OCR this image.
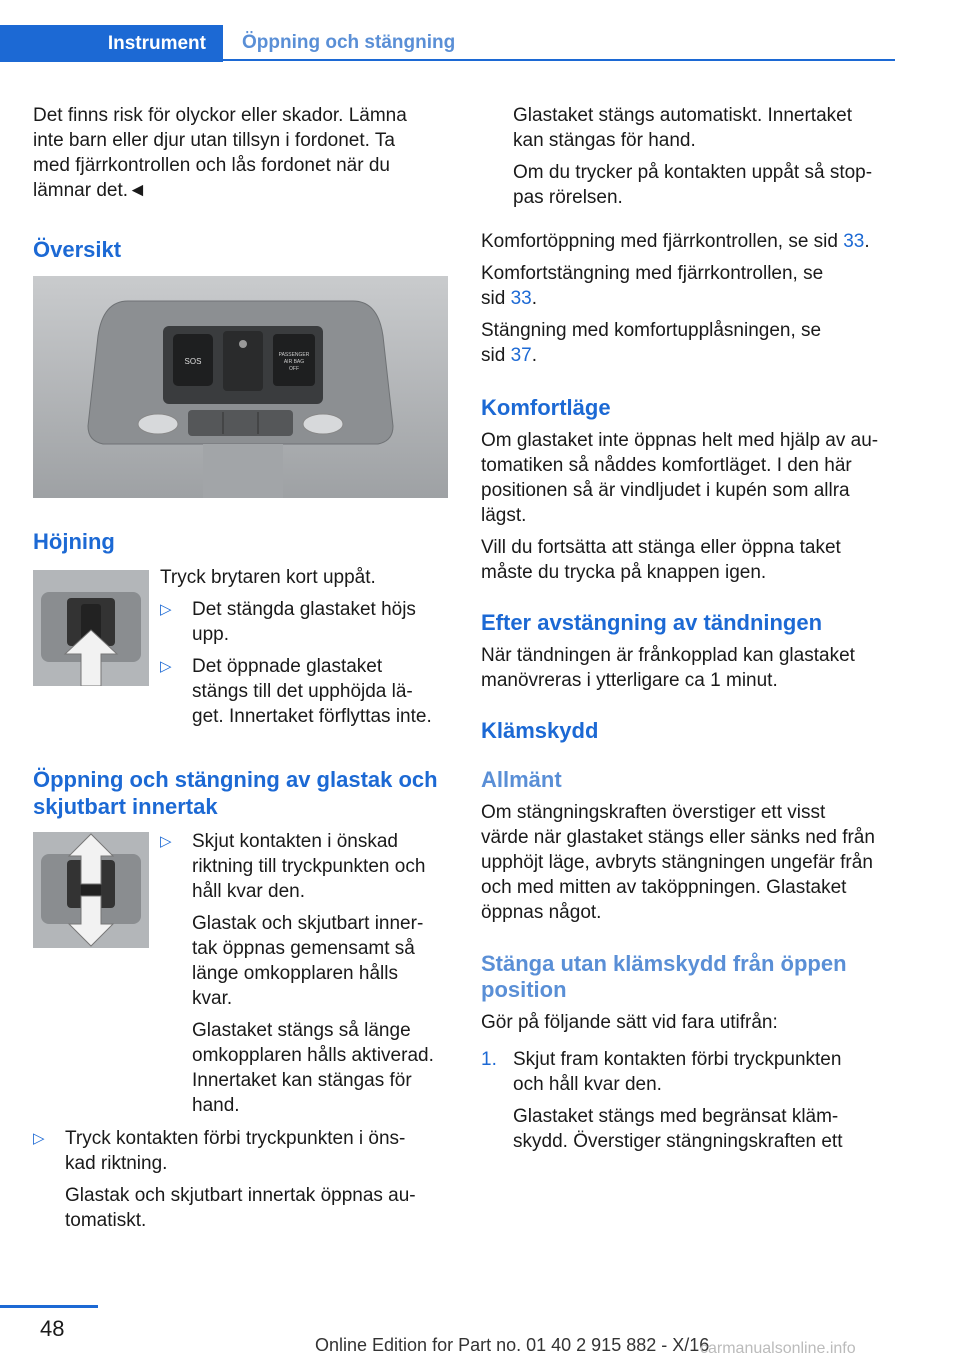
Instrument Öppning och stängning
Det finns risk för olyckor eller skador. Lämna
inte barn eller djur utan tillsyn i fordonet. Ta
med fjärrkontrollen och lås fordonet när du
lämnar det.◄
Översikt
SOS
PASSENGER
AIR BAG
OFF
Höjning
Tryck brytaren kort uppåt.
▷	Det stängda glastaket höjs
upp.

▷	Det öppnade glastaket
stängs till det upphöjda lä‐
get. Innertaket förflyttas inte.

Öppning och stängning av glastak och
skjutbart innertak
▷	Skjut kontakten i önskad
riktning till tryckpunkten och
håll kvar den.

Glastak och skjutbart inner‐
tak öppnas gemensamt så
länge omkopplaren hålls
kvar.

Glastaket stängs så länge
omkopplaren hålls aktiverad.
Innertaket kan stängas för
hand.

▷	Tryck kontakten förbi tryckpunkten i öns‐
kad riktning.

Glastak och skjutbart innertak öppnas au‐
tomatiskt.

Glastaket stängs automatiskt. Innertaket
kan stängas för hand.

Om du trycker på kontakten uppåt så stop‐
pas rörelsen.

Komfortöppning med fjärrkontrollen, se sid 33.

Komfortstängning med fjärrkontrollen, se
sid 33.

Stängning med komfortupplåsningen, se
sid 37.

Komfortläge

Om glastaket inte öppnas helt med hjälp av au‐
tomatiken så nåddes komfortläget. I den här
positionen så är vindljudet i kupén som allra
lägst.

Vill du fortsätta att stänga eller öppna taket
måste du trycka på knappen igen.

Efter avstängning av tändningen
När tändningen är frånkopplad kan glastaket
manövreras i ytterligare ca 1 minut.
Klämskydd
Allmänt
Om stängningskraften överstiger ett visst
värde när glastaket stängs eller sänks ned från
upphöjt läge, avbryts stängningen ungefär från
och med mitten av taköppningen. Glastaket
öppnas något.
Stänga utan klämskydd från öppen
position
Gör på följande sätt vid fara utifrån:
1. Skjut fram kontakten förbi tryckpunkten
och håll kvar den.

Glastaket stängs med begränsat kläm‐
skydd. Överstiger stängningskraften ett

48
Online Edition for Part no. 01 40 2 915 882 - X/16
carmanualsonline.info
